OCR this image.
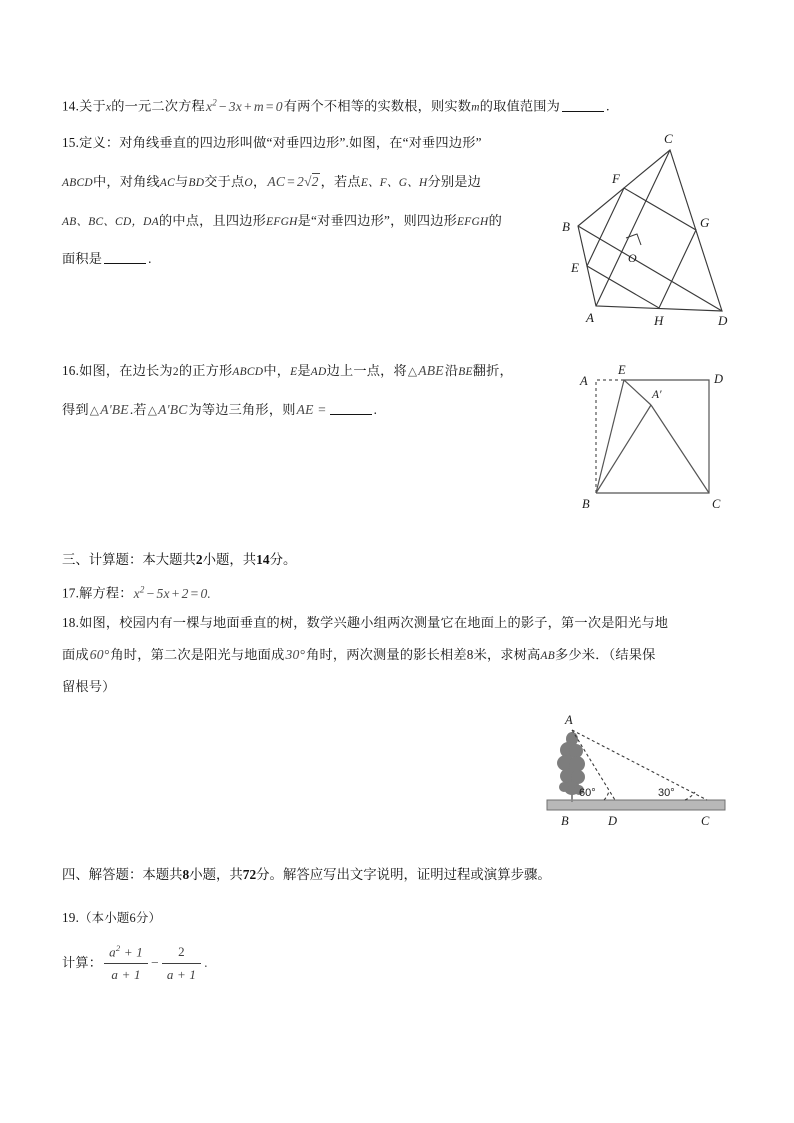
14.关于x的一元二次方程$x^2 - 3x + m = 0$有两个不相等的实数根，则实数m的取值范围为	.
15.定义：对角线垂直的四边形叫做“对垂四边形”.如图，在“对垂四边形”
ABCD中，对角线AC与BD交于点O，AC = 2√2 ，若点E、F、G、H分别是边
AB、BC、CD，DA的中点，且四边形EFGH是“对垂四边形”，则四边形EFGH的
面积是	.
C
F
B	G
E
O
A	H	D
16.如图，在边长为2的正方形ABCD中，E是AD边上一点，将△ABE沿BE翻折，
得到△A'BE.若△A'BC为等边三角形，则AE =	.
A
E
D
A′
B	C
三、计算题：本大题共2小题，共14分。
17.解方程：$x^2 - 5x + 2 = 0$.
18.如图，校园内有一棵与地面垂直的树，数学兴趣小组两次测量它在地面上的影子，第一次是阳光与地
面成60°角时，第二次是阳光与地面成30°角时，两次测量的影长相差8米，求树高AB多少米．（结果保
留根号）
A
B	D	C
60°	30°
四、解答题：本题共8小题，共72分。解答应写出文字说明，证明过程或演算步骤。
19.（本小题6分）
计算： $\frac{a^2 + 1}{a + 1} - \frac{2}{a + 1}$ .
